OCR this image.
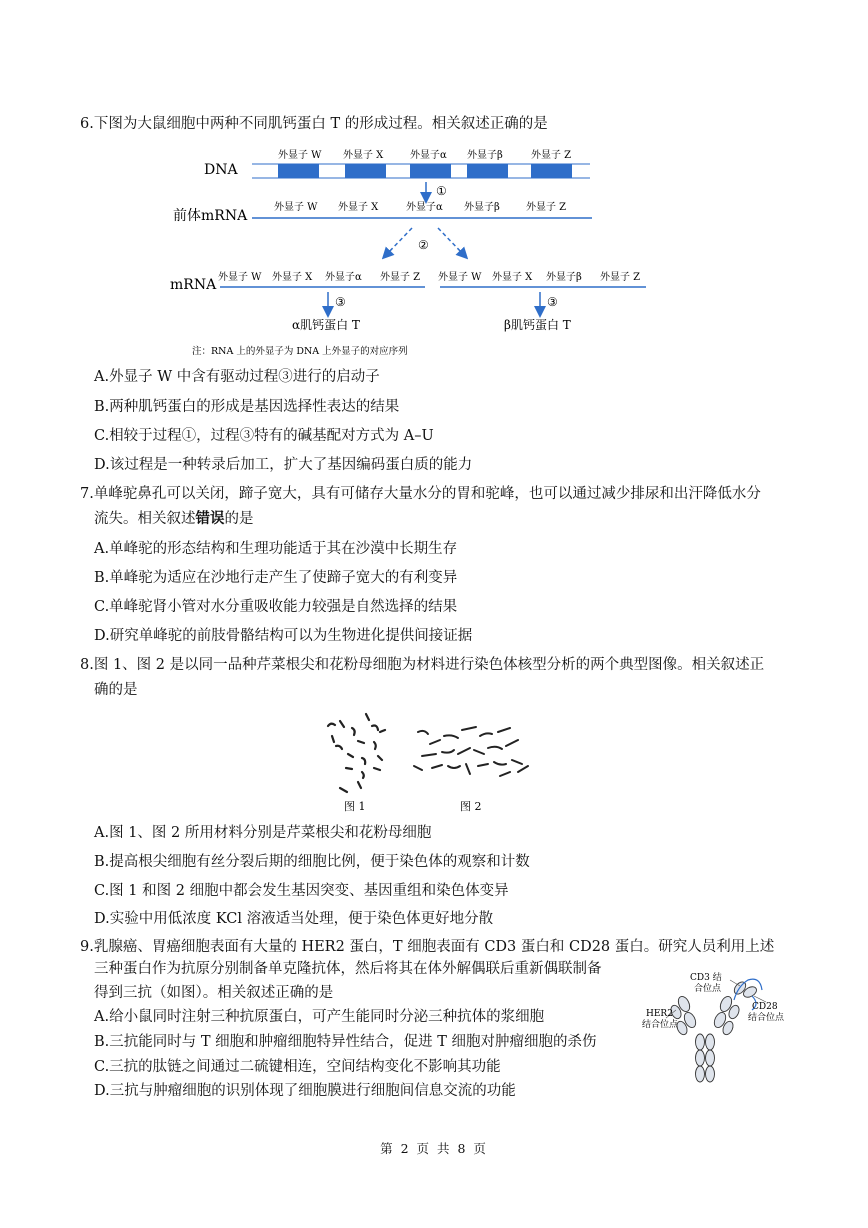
6.下图为大鼠细胞中两种不同肌钙蛋白 T 的形成过程。相关叙述正确的是
DNA
外显子 W 外显子 X	外显子α 外显子β	外显子 Z
①
前体mRNA
外显子 W 外显子 X	外显子α 外显子β	外显子 Z
②
mRNA 外显子 W 外显子 X 外显子α 外显子 Z 外显子 W 外显子 X 外显子β 外显子 Z
③	③
α肌钙蛋白 T	β肌钙蛋白 T
注：RNA 上的外显子为 DNA 上外显子的对应序列
A.外显子 W 中含有驱动过程③进行的启动子
B.两种肌钙蛋白的形成是基因选择性表达的结果
C.相较于过程①，过程③特有的碱基配对方式为 A–U
D.该过程是一种转录后加工，扩大了基因编码蛋白质的能力
7.单峰驼鼻孔可以关闭，蹄子宽大，具有可储存大量水分的胃和驼峰，也可以通过减少排尿和出汗降低水分
流失。相关叙述错误的是
A.单峰驼的形态结构和生理功能适于其在沙漠中长期生存
B.单峰驼为适应在沙地行走产生了使蹄子宽大的有利变异
C.单峰驼肾小管对水分重吸收能力较强是自然选择的结果
D.研究单峰驼的前肢骨骼结构可以为生物进化提供间接证据
8.图 1、图 2 是以同一品种芹菜根尖和花粉母细胞为材料进行染色体核型分析的两个典型图像。相关叙述正
确的是
图 1	图 2
A.图 1、图 2 所用材料分别是芹菜根尖和花粉母细胞
B.提高根尖细胞有丝分裂后期的细胞比例，便于染色体的观察和计数
C.图 1 和图 2 细胞中都会发生基因突变、基因重组和染色体变异
D.实验中用低浓度 KCl 溶液适当处理，便于染色体更好地分散
9.乳腺癌、胃癌细胞表面有大量的 HER2 蛋白，T 细胞表面有 CD3 蛋白和 CD28 蛋白。研究人员利用上述
三种蛋白作为抗原分别制备单克隆抗体，然后将其在体外解偶联后重新偶联制备
得到三抗（如图）。相关叙述正确的是
A.给小鼠同时注射三种抗原蛋白，可产生能同时分泌三种抗体的浆细胞
B.三抗能同时与 T 细胞和肿瘤细胞特异性结合，促进 T 细胞对肿瘤细胞的杀伤
C.三抗的肽链之间通过二硫键相连，空间结构变化不影响其功能
D.三抗与肿瘤细胞的识别体现了细胞膜进行细胞间信息交流的功能
CD3 结
合位点
CD28
结合位点
HER2
结合位点
第 2 页 共 8 页
